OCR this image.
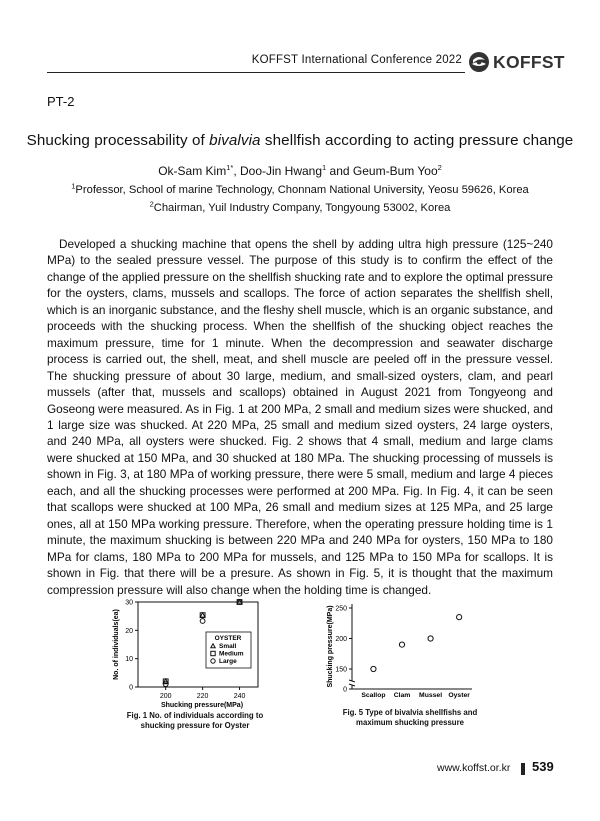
KOFFST International Conference 2022 KOFFST
PT-2
Shucking processability of bivalvia shellfish according to acting pressure change
Ok-Sam Kim$^{1*}$, Doo-Jin Hwang$^1$ and Geum-Bum Yoo$^2$
$^1$Professor, School of marine Technology, Chonnam National University, Yeosu 59626, Korea
$^2$Chairman, Yuil Industry Company, Tongyoung 53002, Korea
Developed a shucking machine that opens the shell by adding ultra high pressure (125~240 MPa) to the sealed pressure vessel. The purpose of this study is to confirm the effect of the change of the applied pressure on the shellfish shucking rate and to explore the optimal pressure for the oysters, clams, mussels and scallops. The force of action separates the shellfish shell, which is an inorganic substance, and the fleshy shell muscle, which is an organic substance, and proceeds with the shucking process. When the shellfish of the shucking object reaches the maximum pressure, time for 1 minute. When the decompression and seawater discharge process is carried out, the shell, meat, and shell muscle are peeled off in the pressure vessel. The shucking pressure of about 30 large, medium, and small-sized oysters, clam, and pearl mussels (after that, mussels and scallops) obtained in August 2021 from Tongyeong and Goseong were measured. As in Fig. 1 at 200 MPa, 2 small and medium sizes were shucked, and 1 large size was shucked. At 220 MPa, 25 small and medium sized oysters, 24 large oysters, and 240 MPa, all oysters were shucked. Fig. 2 shows that 4 small, medium and large clams were shucked at 150 MPa, and 30 shucked at 180 MPa. The shucking processing of mussels is shown in Fig. 3, at 180 MPa of working pressure, there were 5 small, medium and large 4 pieces each, and all the shucking processes were performed at 200 MPa. Fig. In Fig. 4, it can be seen that scallops were shucked at 100 MPa, 26 small and medium sizes at 125 MPa, and 25 large ones, all at 150 MPa working pressure. Therefore, when the operating pressure holding time is 1 minute, the maximum shucking is between 220 MPa and 240 MPa for oysters, 150 MPa to 180 MPa for clams, 180 MPa to 200 MPa for mussels, and 125 MPa to 150 MPa for scallops. It is shown in Fig. that there will be a presure. As shown in Fig. 5, it is thought that the maximum compression pressure will also change when the holding time is changed.
0
10
20
30
200	220	240
Shucking pressure(MPa)
No. of individuals(ea)	OYSTER
Small
Medium
Large
Fig. 1 No. of individuals according to
shucking pressure for Oyster
0
150
200
250
Shucking pressure(MPa)
Scallop Clam Mussel Oyster
Fig. 5 Type of bivalvia shellfishs and
maximum shucking pressure
www.koffst.or.kr 539
